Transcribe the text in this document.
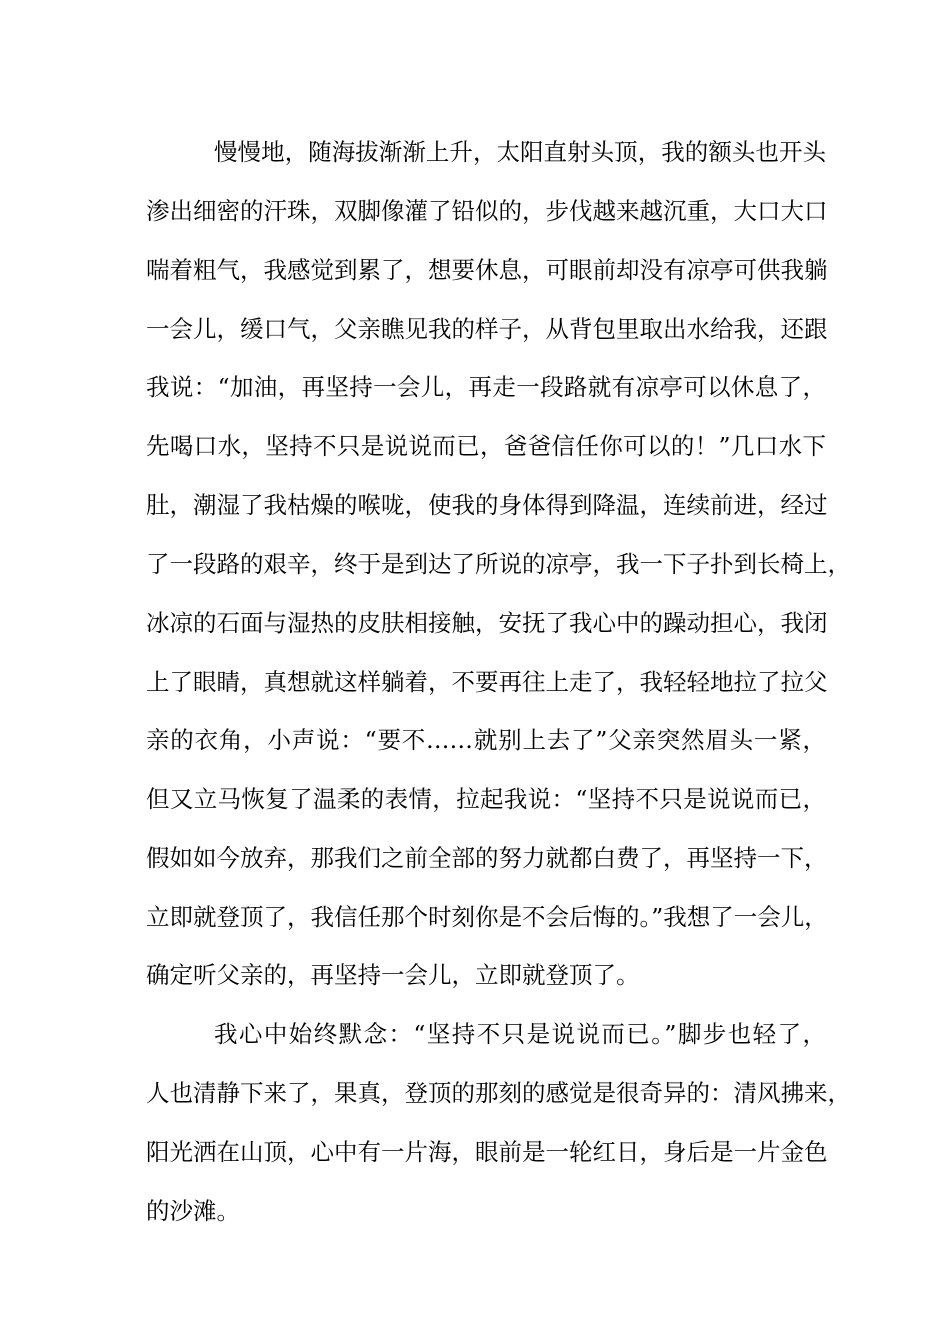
慢慢地，随海拔渐渐上升，太阳直射头顶，我的额头也开头
渗出细密的汗珠，双脚像灌了铅似的，步伐越来越沉重，大口大口
喘着粗气，我感觉到累了，想要休息，可眼前却没有凉亭可供我躺
一会儿，缓口气，父亲瞧见我的样子，从背包里取出水给我，还跟
我说：“加油，再坚持一会儿，再走一段路就有凉亭可以休息了，
先喝口水，坚持不只是说说而已，爸爸信任你可以的！”几口水下
肚，潮湿了我枯燥的喉咙，使我的身体得到降温，连续前进，经过
了一段路的艰辛，终于是到达了所说的凉亭，我一下子扑到长椅上，
冰凉的石面与湿热的皮肤相接触，安抚了我心中的躁动担心，我闭
上了眼睛，真想就这样躺着，不要再往上走了，我轻轻地拉了拉父
亲的衣角，小声说：“要不……就别上去了”父亲突然眉头一紧，
但又立马恢复了温柔的表情，拉起我说：“坚持不只是说说而已，
假如如今放弃，那我们之前全部的努力就都白费了，再坚持一下，
立即就登顶了，我信任那个时刻你是不会后悔的。”我想了一会儿，
确定听父亲的，再坚持一会儿，立即就登顶了。
我心中始终默念：“坚持不只是说说而已。”脚步也轻了，
人也清静下来了，果真，登顶的那刻的感觉是很奇异的：清风拂来，
阳光洒在山顶，心中有一片海，眼前是一轮红日，身后是一片金色
的沙滩。
